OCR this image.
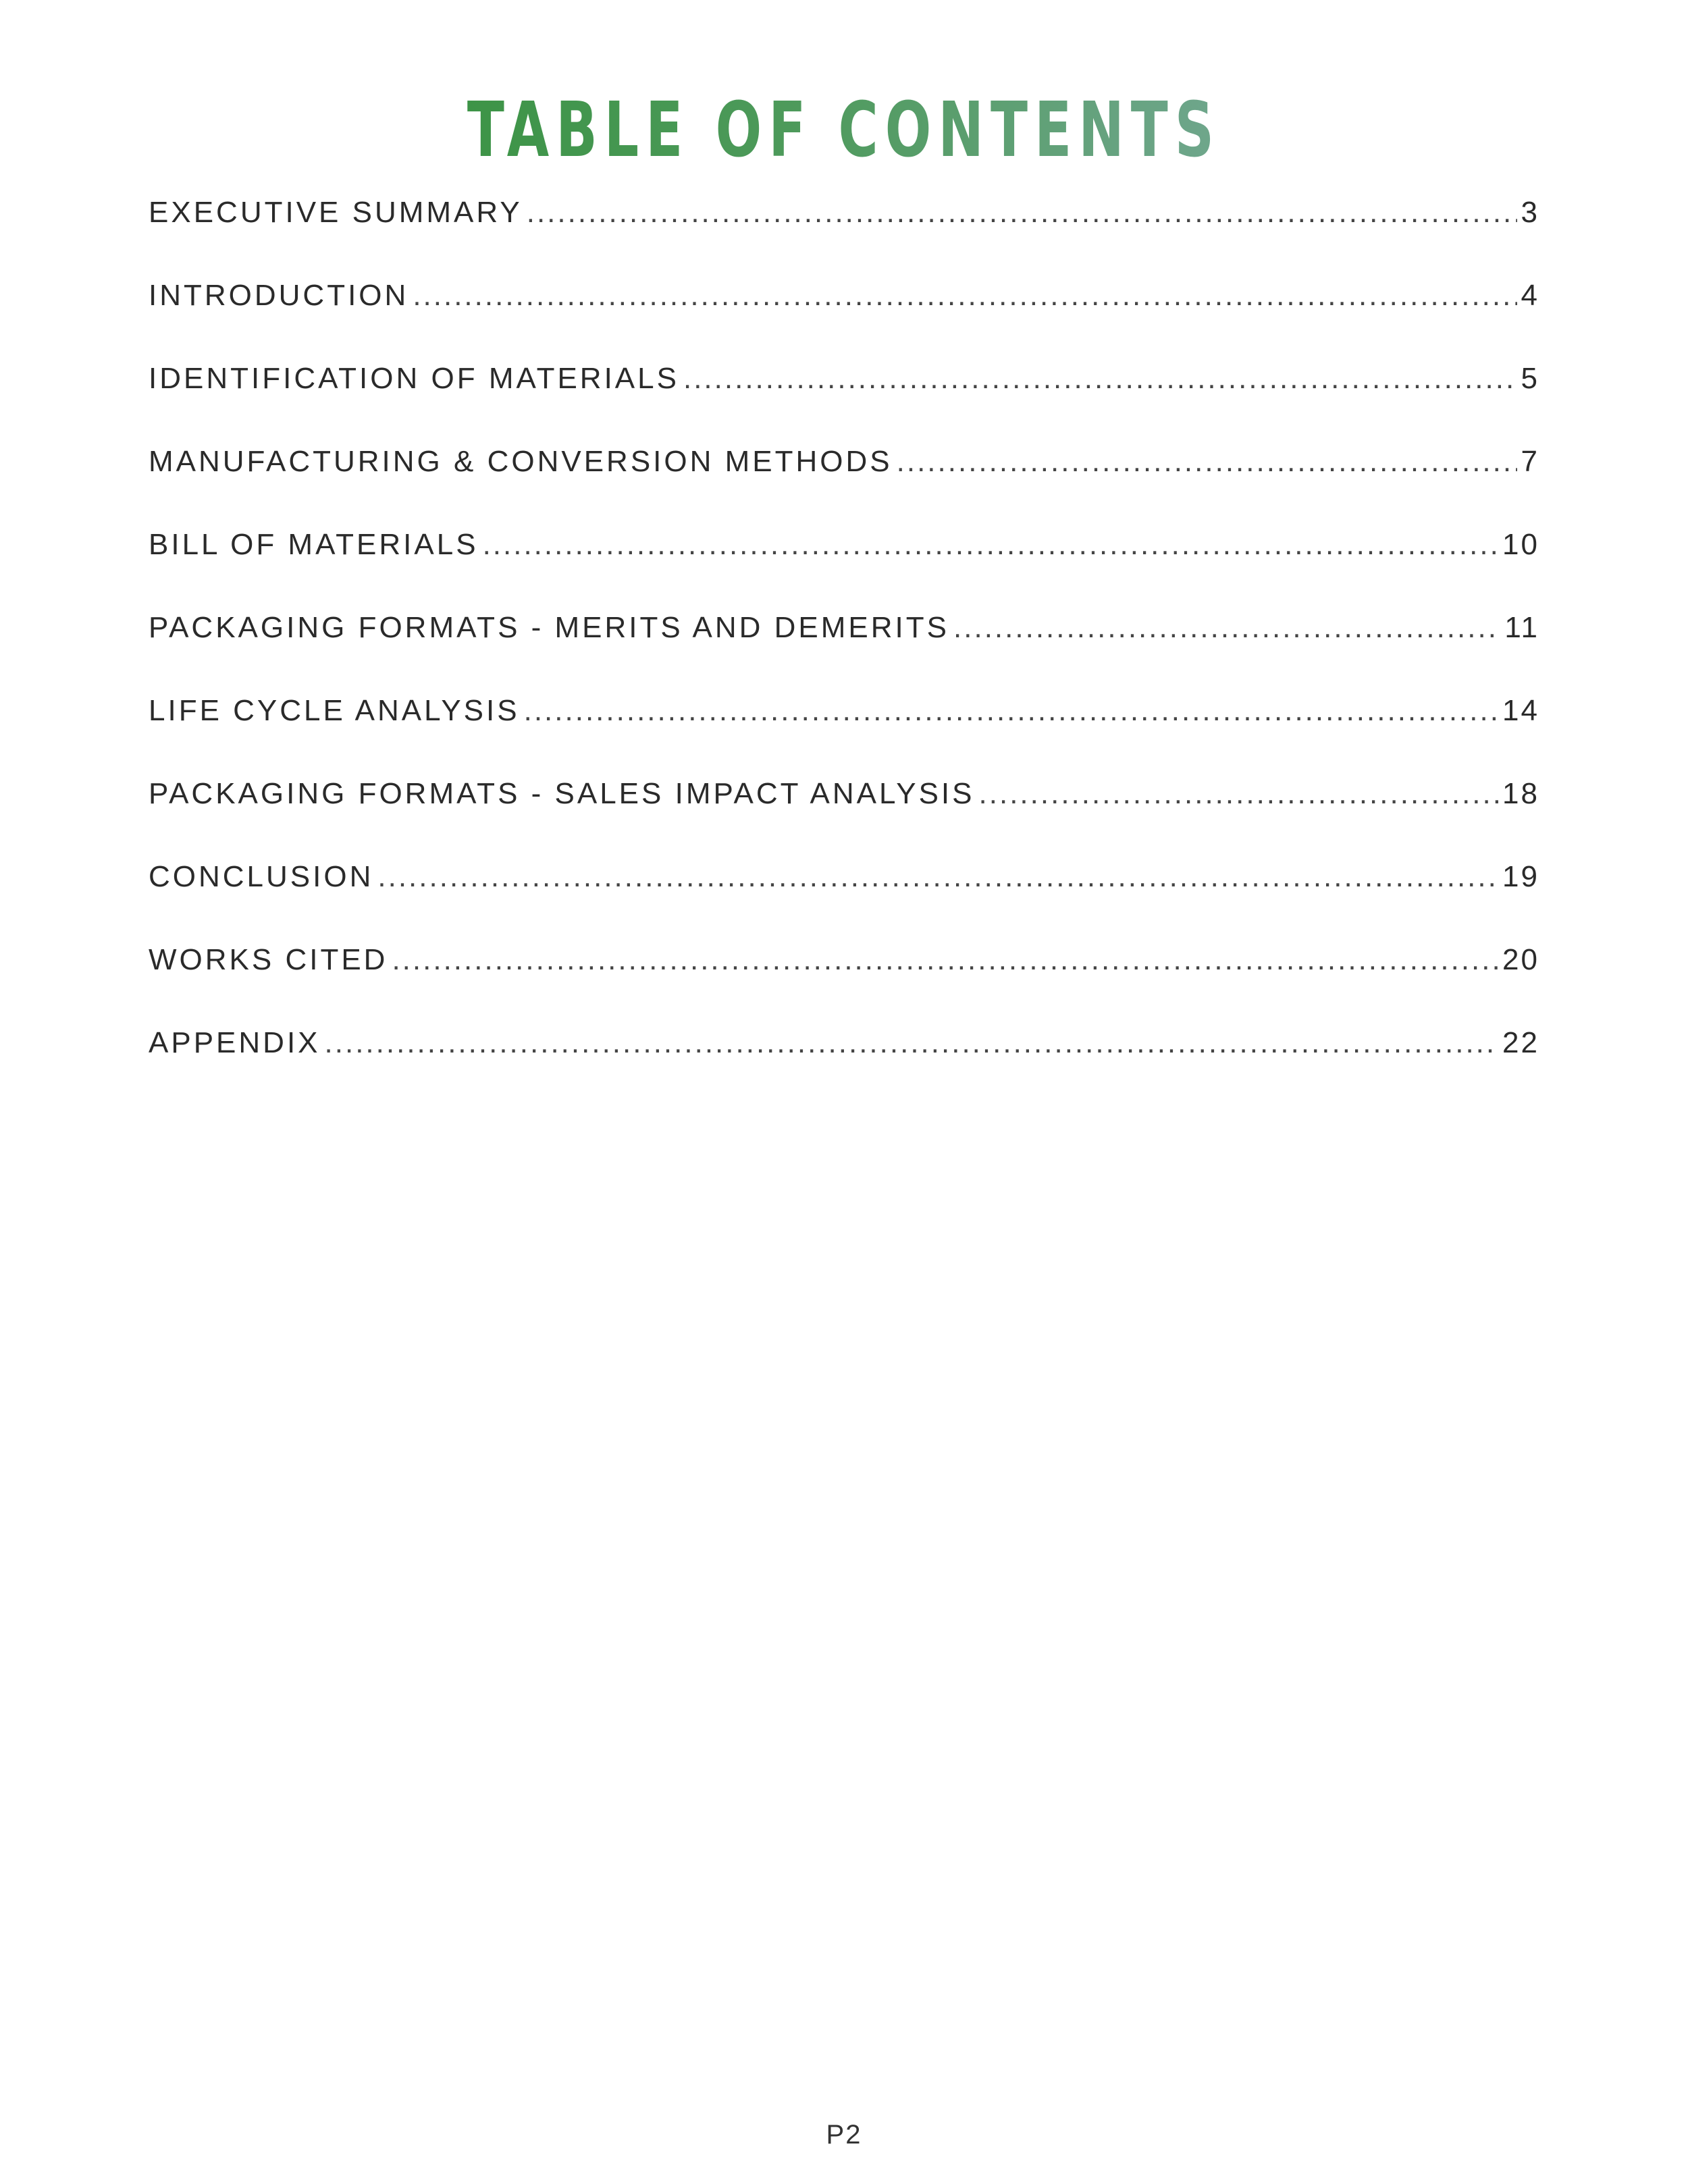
TABLE OF CONTENTS
EXECUTIVE SUMMARY .....	3
INTRODUCTION .....	4
IDENTIFICATION OF MATERIALS .....	5
MANUFACTURING & CONVERSION METHODS .....	7
BILL OF MATERIALS .....	10
PACKAGING FORMATS - MERITS AND DEMERITS .....	11
LIFE CYCLE ANALYSIS .....	14
PACKAGING FORMATS - SALES IMPACT ANALYSIS .....	18
CONCLUSION .....	19
WORKS CITED .....	20
APPENDIX .....	22
P2
